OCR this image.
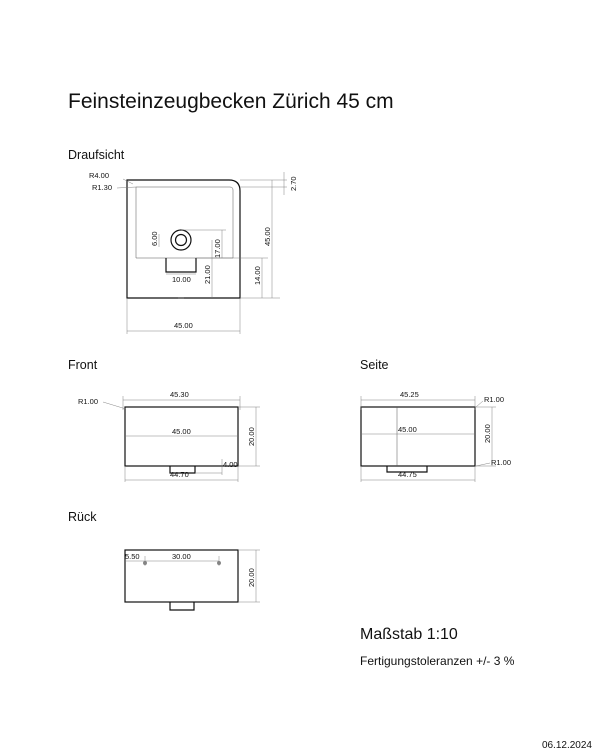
Feinsteinzeugbecken Zürich 45 cm
Draufsicht
Front	Seite
Rück
Maßstab 1:10
Fertigungstoleranzen +/- 3 %
06.12.2024
R4.00
R1.30	2.70
45.00
14.00
17.00
21.00
6.00
10.00
45.00
45.30
R1.00
45.00
44.70
20.00
4.00
45.25
45.00
44.75
20.00
R1.00
R1.00
5.50	30.00
20.00
